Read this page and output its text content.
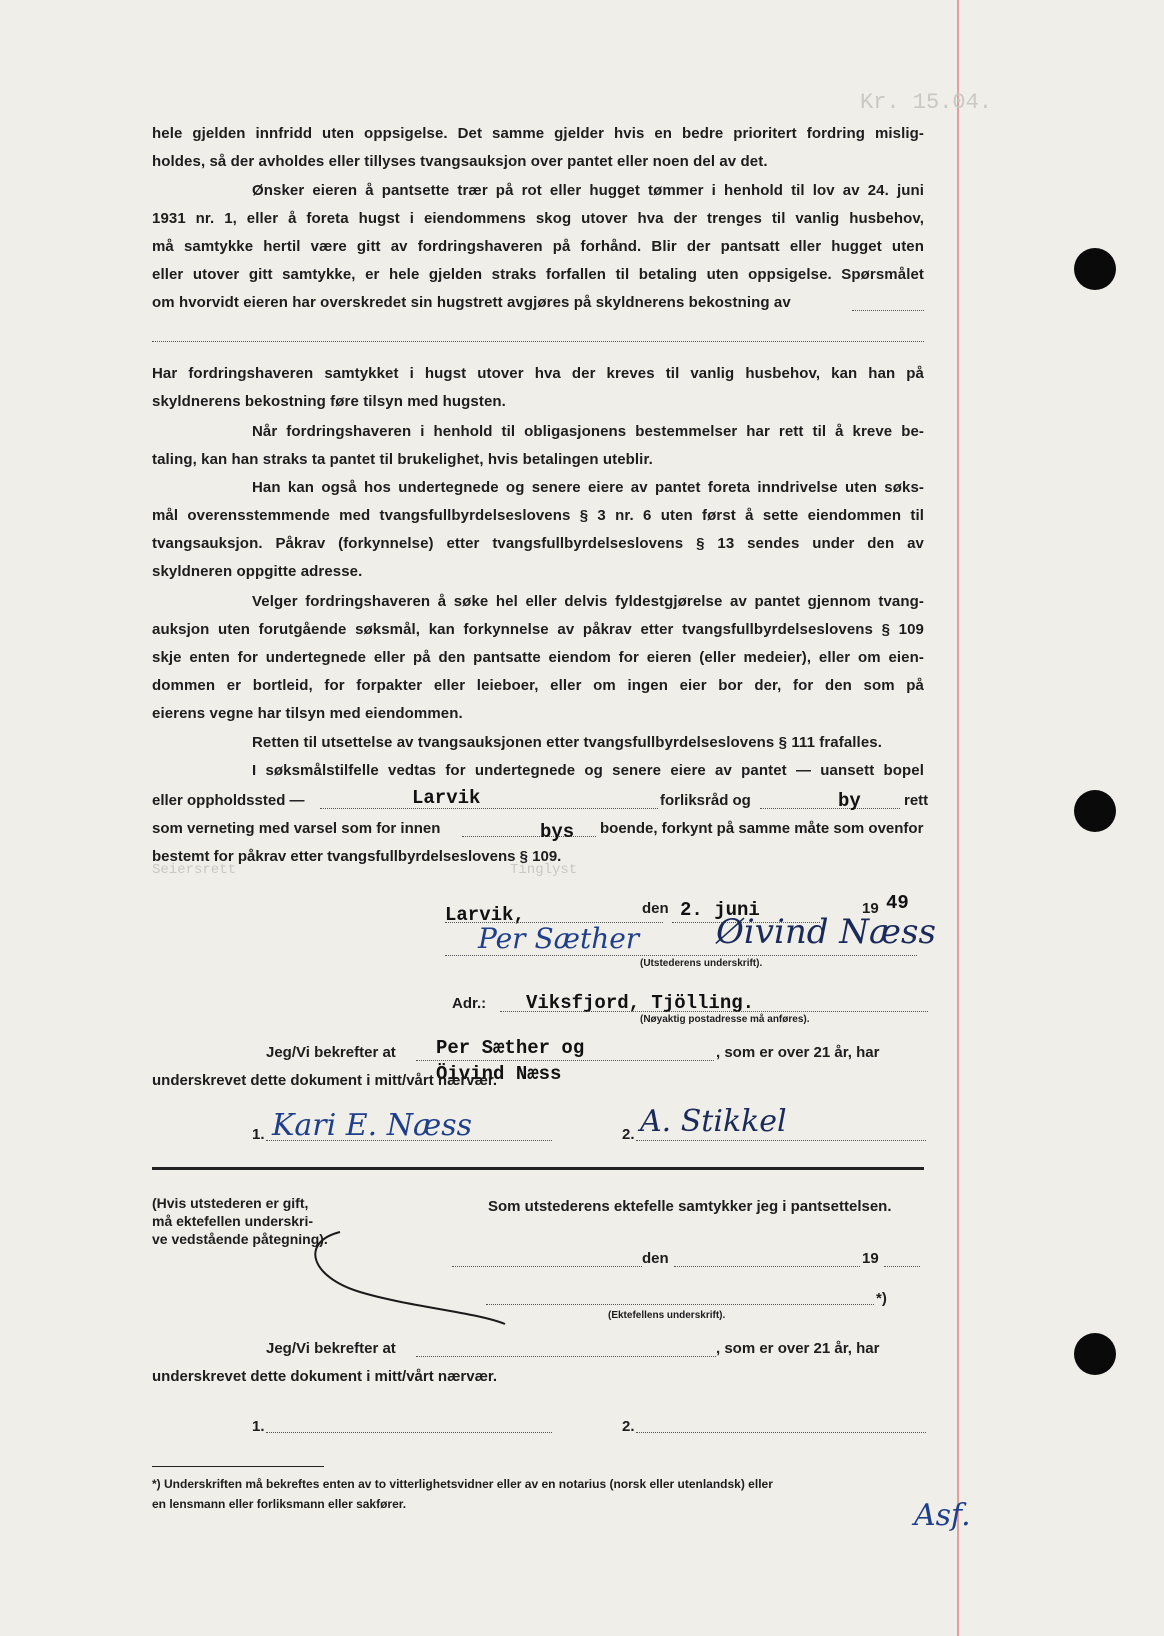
Kr. 15.04.
hele gjelden innfridd uten oppsigelse. Det samme gjelder hvis en bedre prioritert fordring mislig-
holdes, så der avholdes eller tillyses tvangsauksjon over pantet eller noen del av det.
Ønsker eieren å pantsette trær på rot eller hugget tømmer i henhold til lov av 24. juni
1931 nr. 1, eller å foreta hugst i eiendommens skog utover hva der trenges til vanlig husbehov,
må samtykke hertil være gitt av fordringshaveren på forhånd. Blir der pantsatt eller hugget uten
eller utover gitt samtykke, er hele gjelden straks forfallen til betaling uten oppsigelse. Spørsmålet
om hvorvidt eieren har overskredet sin hugstrett avgjøres på skyldnerens bekostning av
Har fordringshaveren samtykket i hugst utover hva der kreves til vanlig husbehov, kan han på
skyldnerens bekostning føre tilsyn med hugsten.
Når fordringshaveren i henhold til obligasjonens bestemmelser har rett til å kreve be-
taling, kan han straks ta pantet til brukelighet, hvis betalingen uteblir.
Han kan også hos undertegnede og senere eiere av pantet foreta inndrivelse uten søks-
mål overensstemmende med tvangsfullbyrdelseslovens § 3 nr. 6 uten først å sette eiendommen til
tvangsauksjon. Påkrav (forkynnelse) etter tvangsfullbyrdelseslovens § 13 sendes under den av
skyldneren oppgitte adresse.
Velger fordringshaveren å søke hel eller delvis fyldestgjørelse av pantet gjennom tvang-
auksjon uten forutgående søksmål, kan forkynnelse av påkrav etter tvangsfullbyrdelseslovens § 109
skje enten for undertegnede eller på den pantsatte eiendom for eieren (eller medeier), eller om eien-
dommen er bortleid, for forpakter eller leieboer, eller om ingen eier bor der, for den som på
eierens vegne har tilsyn med eiendommen.
Retten til utsettelse av tvangsauksjonen etter tvangsfullbyrdelseslovens § 111 frafalles.
I søksmålstilfelle vedtas for undertegnede og senere eiere av pantet — uansett bopel
eller oppholdssted —	Larvik	forliksråd og	by	rett
som verneting med varsel som for innen	bys boende, forkynt på samme måte som ovenfor
bestemt for påkrav etter tvangsfullbyrdelseslovens § 109.
Tinglyst
Seiersrett
Larvik,	den 2. juni	19 49
Per Sæther Øivind Næss
(Utstederens underskrift).
Adr.: Viksfjord, Tjölling.
(Nøyaktig postadresse må anføres).
Jeg/Vi bekrefter at Per Sæther og
Öivind Næss
, som er over 21 år, har
underskrevet dette dokument i mitt/vårt nærvær.
1. Kari E. Næss	2. A. Stikkel
(Hvis utstederen er gift,
må ektefellen underskri-
ve vedstående påtegning).
Som utstederens ektefelle samtykker jeg i pantsettelsen.
den	19
*)
(Ektefellens underskrift).
Jeg/Vi bekrefter at	, som er over 21 år, har
underskrevet dette dokument i mitt/vårt nærvær.
1.	2.
*) Underskriften må bekreftes enten av to vitterlighetsvidner eller av en notarius (norsk eller utenlandsk) eller
en lensmann eller forliksmann eller sakfører.	Asf.
